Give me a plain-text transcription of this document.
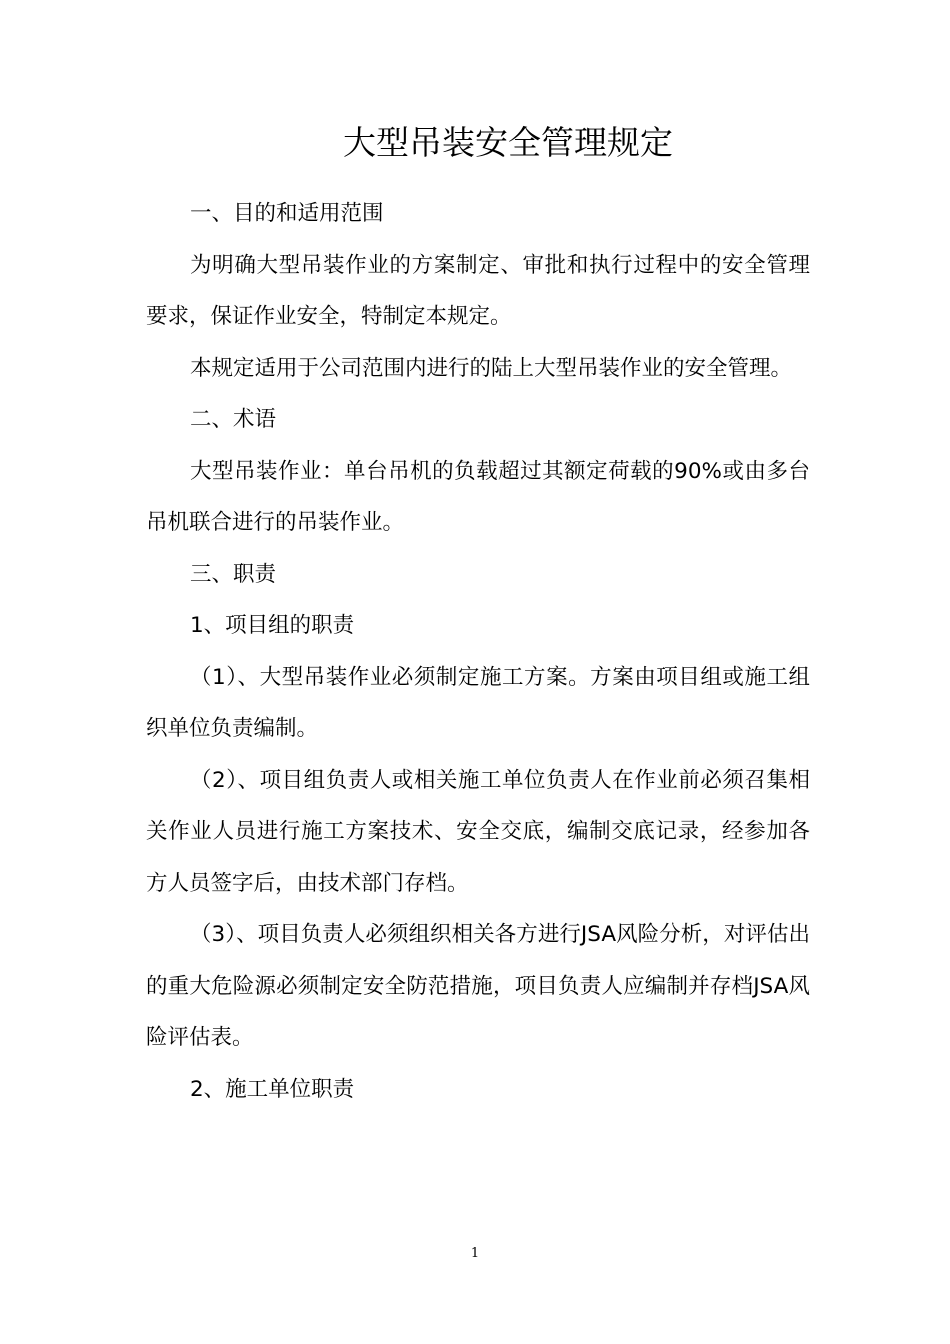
大型吊装安全管理规定

一、目的和适用范围

为明确大型吊装作业的方案制定、审批和执行过程中的安全管理要求，保证作业安全，特制定本规定。

本规定适用于公司范围内进行的陆上大型吊装作业的安全管理。

二、术语

大型吊装作业：单台吊机的负载超过其额定荷载的90%或由多台吊机联合进行的吊装作业。

三、职责

1、项目组的职责

（1）、大型吊装作业必须制定施工方案。方案由项目组或施工组织单位负责编制。

（2）、项目组负责人或相关施工单位负责人在作业前必须召集相关作业人员进行施工方案技术、安全交底，编制交底记录，经参加各方人员签字后，由技术部门存档。

（3）、项目负责人必须组织相关各方进行JSA风险分析，对评估出的重大危险源必须制定安全防范措施，项目负责人应编制并存档JSA风险评估表。

2、施工单位职责

1
